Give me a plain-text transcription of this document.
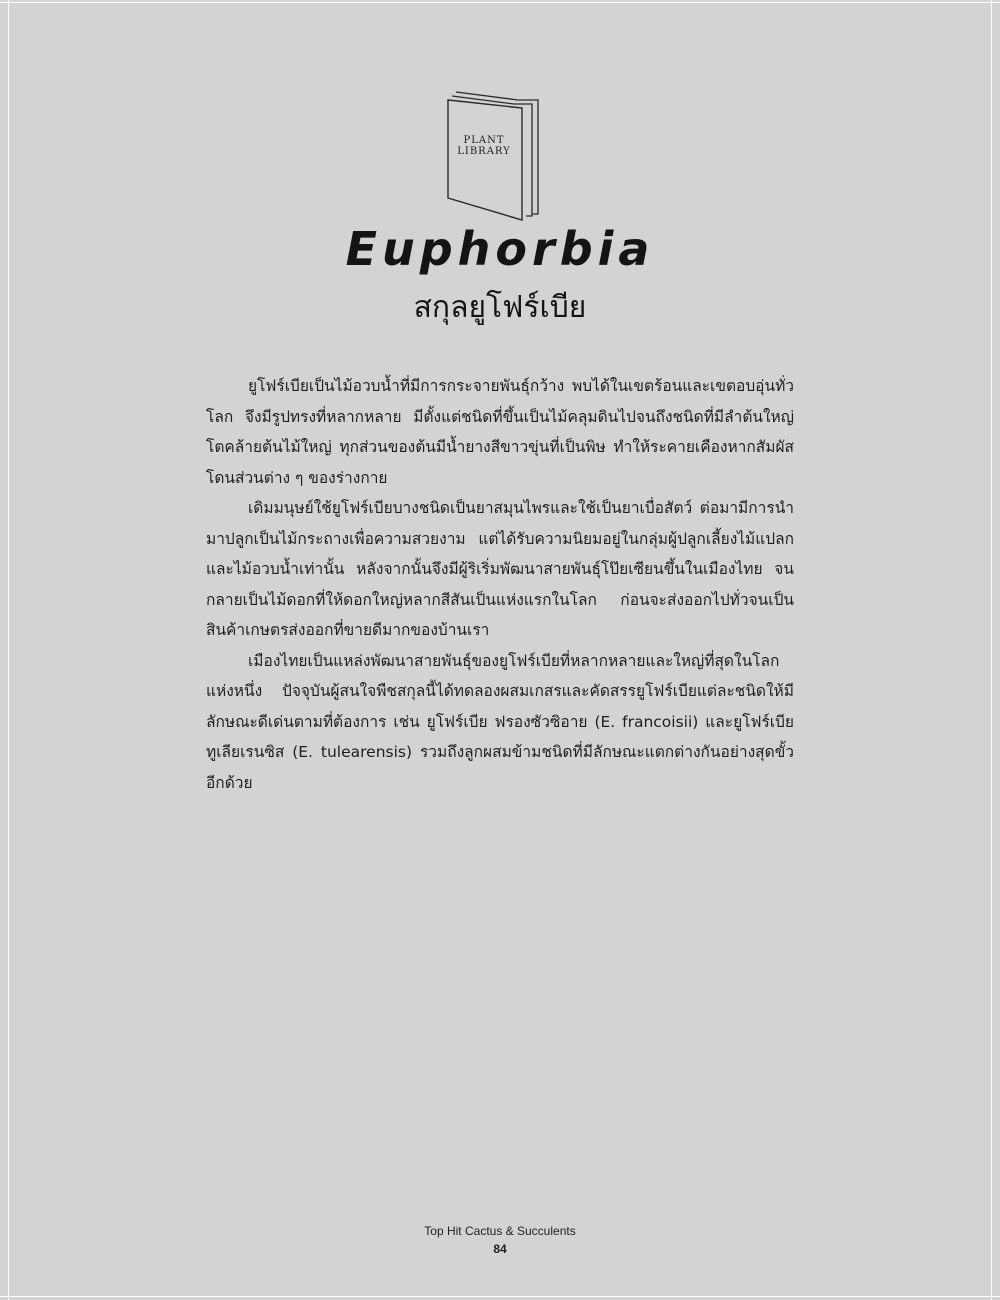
PLANT
LIBRARY
Euphorbia
สกุลยูโฟร์เบีย

ยูโฟร์เบียเป็นไม้อวบน้ำที่มีการกระจายพันธุ์กว้าง พบได้ในเขตร้อนและเขตอบอุ่นทั่วโลก จึงมีรูปทรงที่หลากหลาย มีตั้งแต่ชนิดที่ขึ้นเป็นไม้คลุมดินไปจนถึงชนิดที่มีลำต้นใหญ่โตคล้ายต้นไม้ใหญ่ ทุกส่วนของต้นมีน้ำยางสีขาวขุ่นที่เป็นพิษ ทำให้ระคายเคืองหากสัมผัสโดนส่วนต่าง ๆ ของร่างกาย

เดิมมนุษย์ใช้ยูโฟร์เบียบางชนิดเป็นยาสมุนไพรและใช้เป็นยาเบื่อสัตว์ ต่อมามีการนำมาปลูกเป็นไม้กระถางเพื่อความสวยงาม แต่ได้รับความนิยมอยู่ในกลุ่มผู้ปลูกเลี้ยงไม้แปลกและไม้อวบน้ำเท่านั้น หลังจากนั้นจึงมีผู้ริเริ่มพัฒนาสายพันธุ์โป๊ยเซียนขึ้นในเมืองไทย จนกลายเป็นไม้ดอกที่ให้ดอกใหญ่หลากสีสันเป็นแห่งแรกในโลก ก่อนจะส่งออกไปทั่วจนเป็นสินค้าเกษตรส่งออกที่ขายดีมากของบ้านเรา

เมืองไทยเป็นแหล่งพัฒนาสายพันธุ์ของยูโฟร์เบียที่หลากหลายและใหญ่ที่สุดในโลกแห่งหนึ่ง ปัจจุบันผู้สนใจพืชสกุลนี้ได้ทดลองผสมเกสรและคัดสรรยูโฟร์เบียแต่ละชนิดให้มีลักษณะดีเด่นตามที่ต้องการ เช่น ยูโฟร์เบีย ฟรองซัวซิอาย (E. francoisii) และยูโฟร์เบีย ทูเลียเรนซิส (E. tulearensis) รวมถึงลูกผสมข้ามชนิดที่มีลักษณะแตกต่างกันอย่างสุดขั้วอีกด้วย

Top Hit Cactus & Succulents
84
